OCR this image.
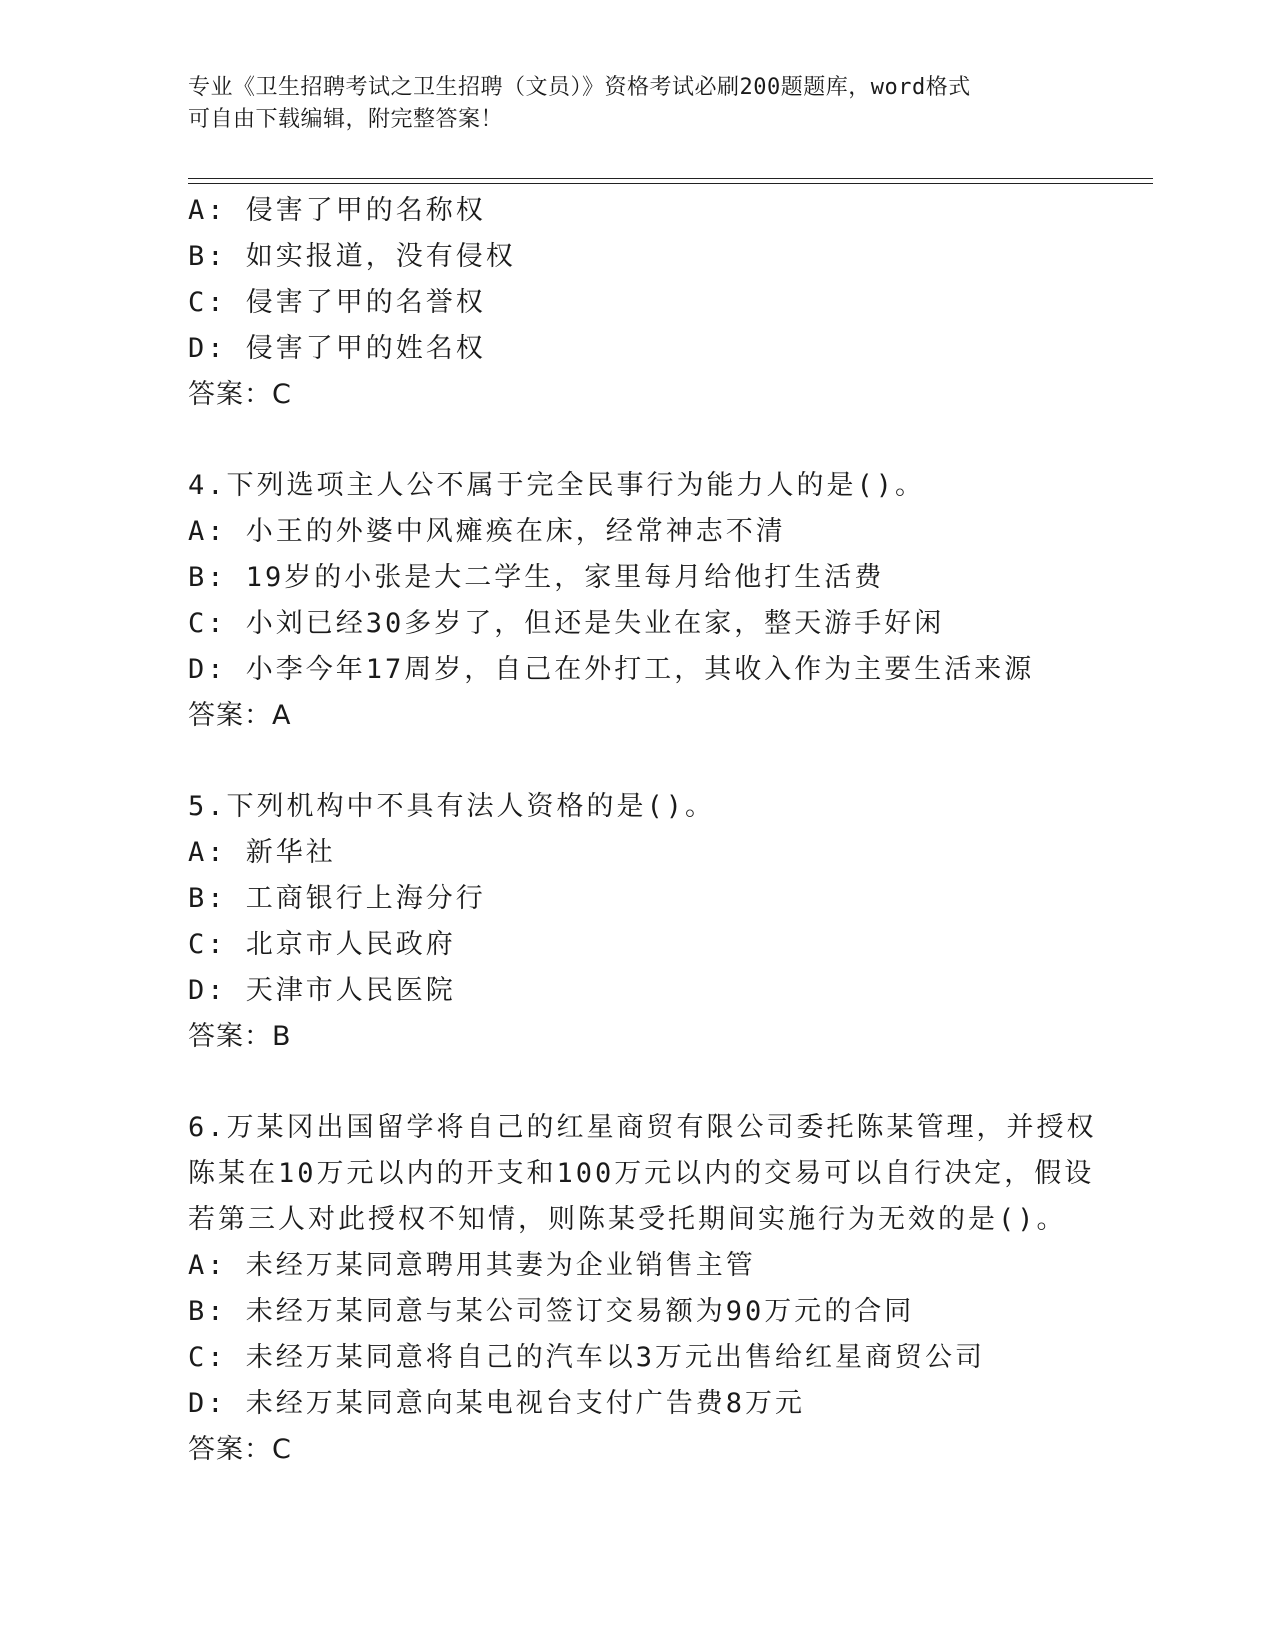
专业《卫生招聘考试之卫生招聘（文员）》资格考试必刷200题题库，word格式
可自由下载编辑，附完整答案！
A: 侵害了甲的名称权
B: 如实报道，没有侵权
C: 侵害了甲的名誉权
D: 侵害了甲的姓名权
答案：C
4.下列选项主人公不属于完全民事行为能力人的是()。
A: 小王的外婆中风瘫痪在床，经常神志不清
B: 19岁的小张是大二学生，家里每月给他打生活费
C: 小刘已经30多岁了，但还是失业在家，整天游手好闲
D: 小李今年17周岁，自己在外打工，其收入作为主要生活来源
答案：A
5.下列机构中不具有法人资格的是()。
A: 新华社
B: 工商银行上海分行
C: 北京市人民政府
D: 天津市人民医院
答案：B
6.万某冈出国留学将自己的红星商贸有限公司委托陈某管理，并授权
陈某在10万元以内的开支和100万元以内的交易可以自行决定，假设
若第三人对此授权不知情，则陈某受托期间实施行为无效的是()。
A: 未经万某同意聘用其妻为企业销售主管
B: 未经万某同意与某公司签订交易额为90万元的合同
C: 未经万某同意将自己的汽车以3万元出售给红星商贸公司
D: 未经万某同意向某电视台支付广告费8万元
答案：C
